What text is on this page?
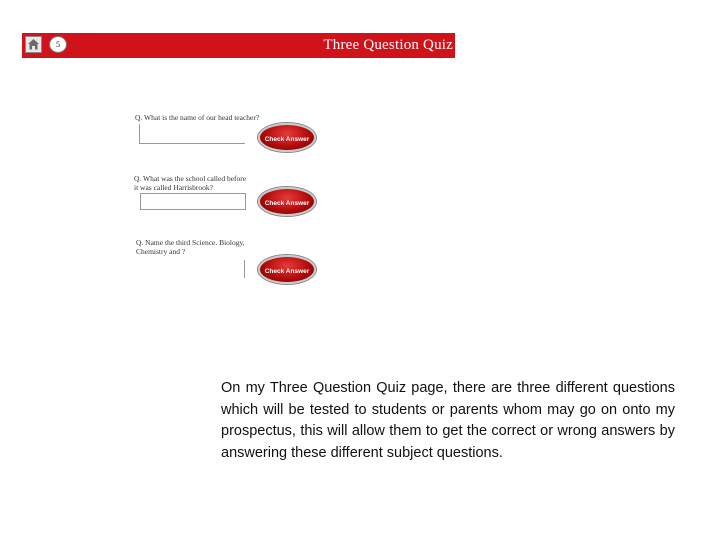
5	Three Question Quiz
Q. What is the name of our head teacher?
Check Answer
Q. What was the school called before it was called Harrisbrook?
Check Answer
Q. Name the third Science. Biology, Chemistry and ?
Check Answer
On my Three Question Quiz page, there are three different questions which will be tested to students or parents whom may go on onto my prospectus, this will allow them to get the correct or wrong answers by answering these different subject questions.
